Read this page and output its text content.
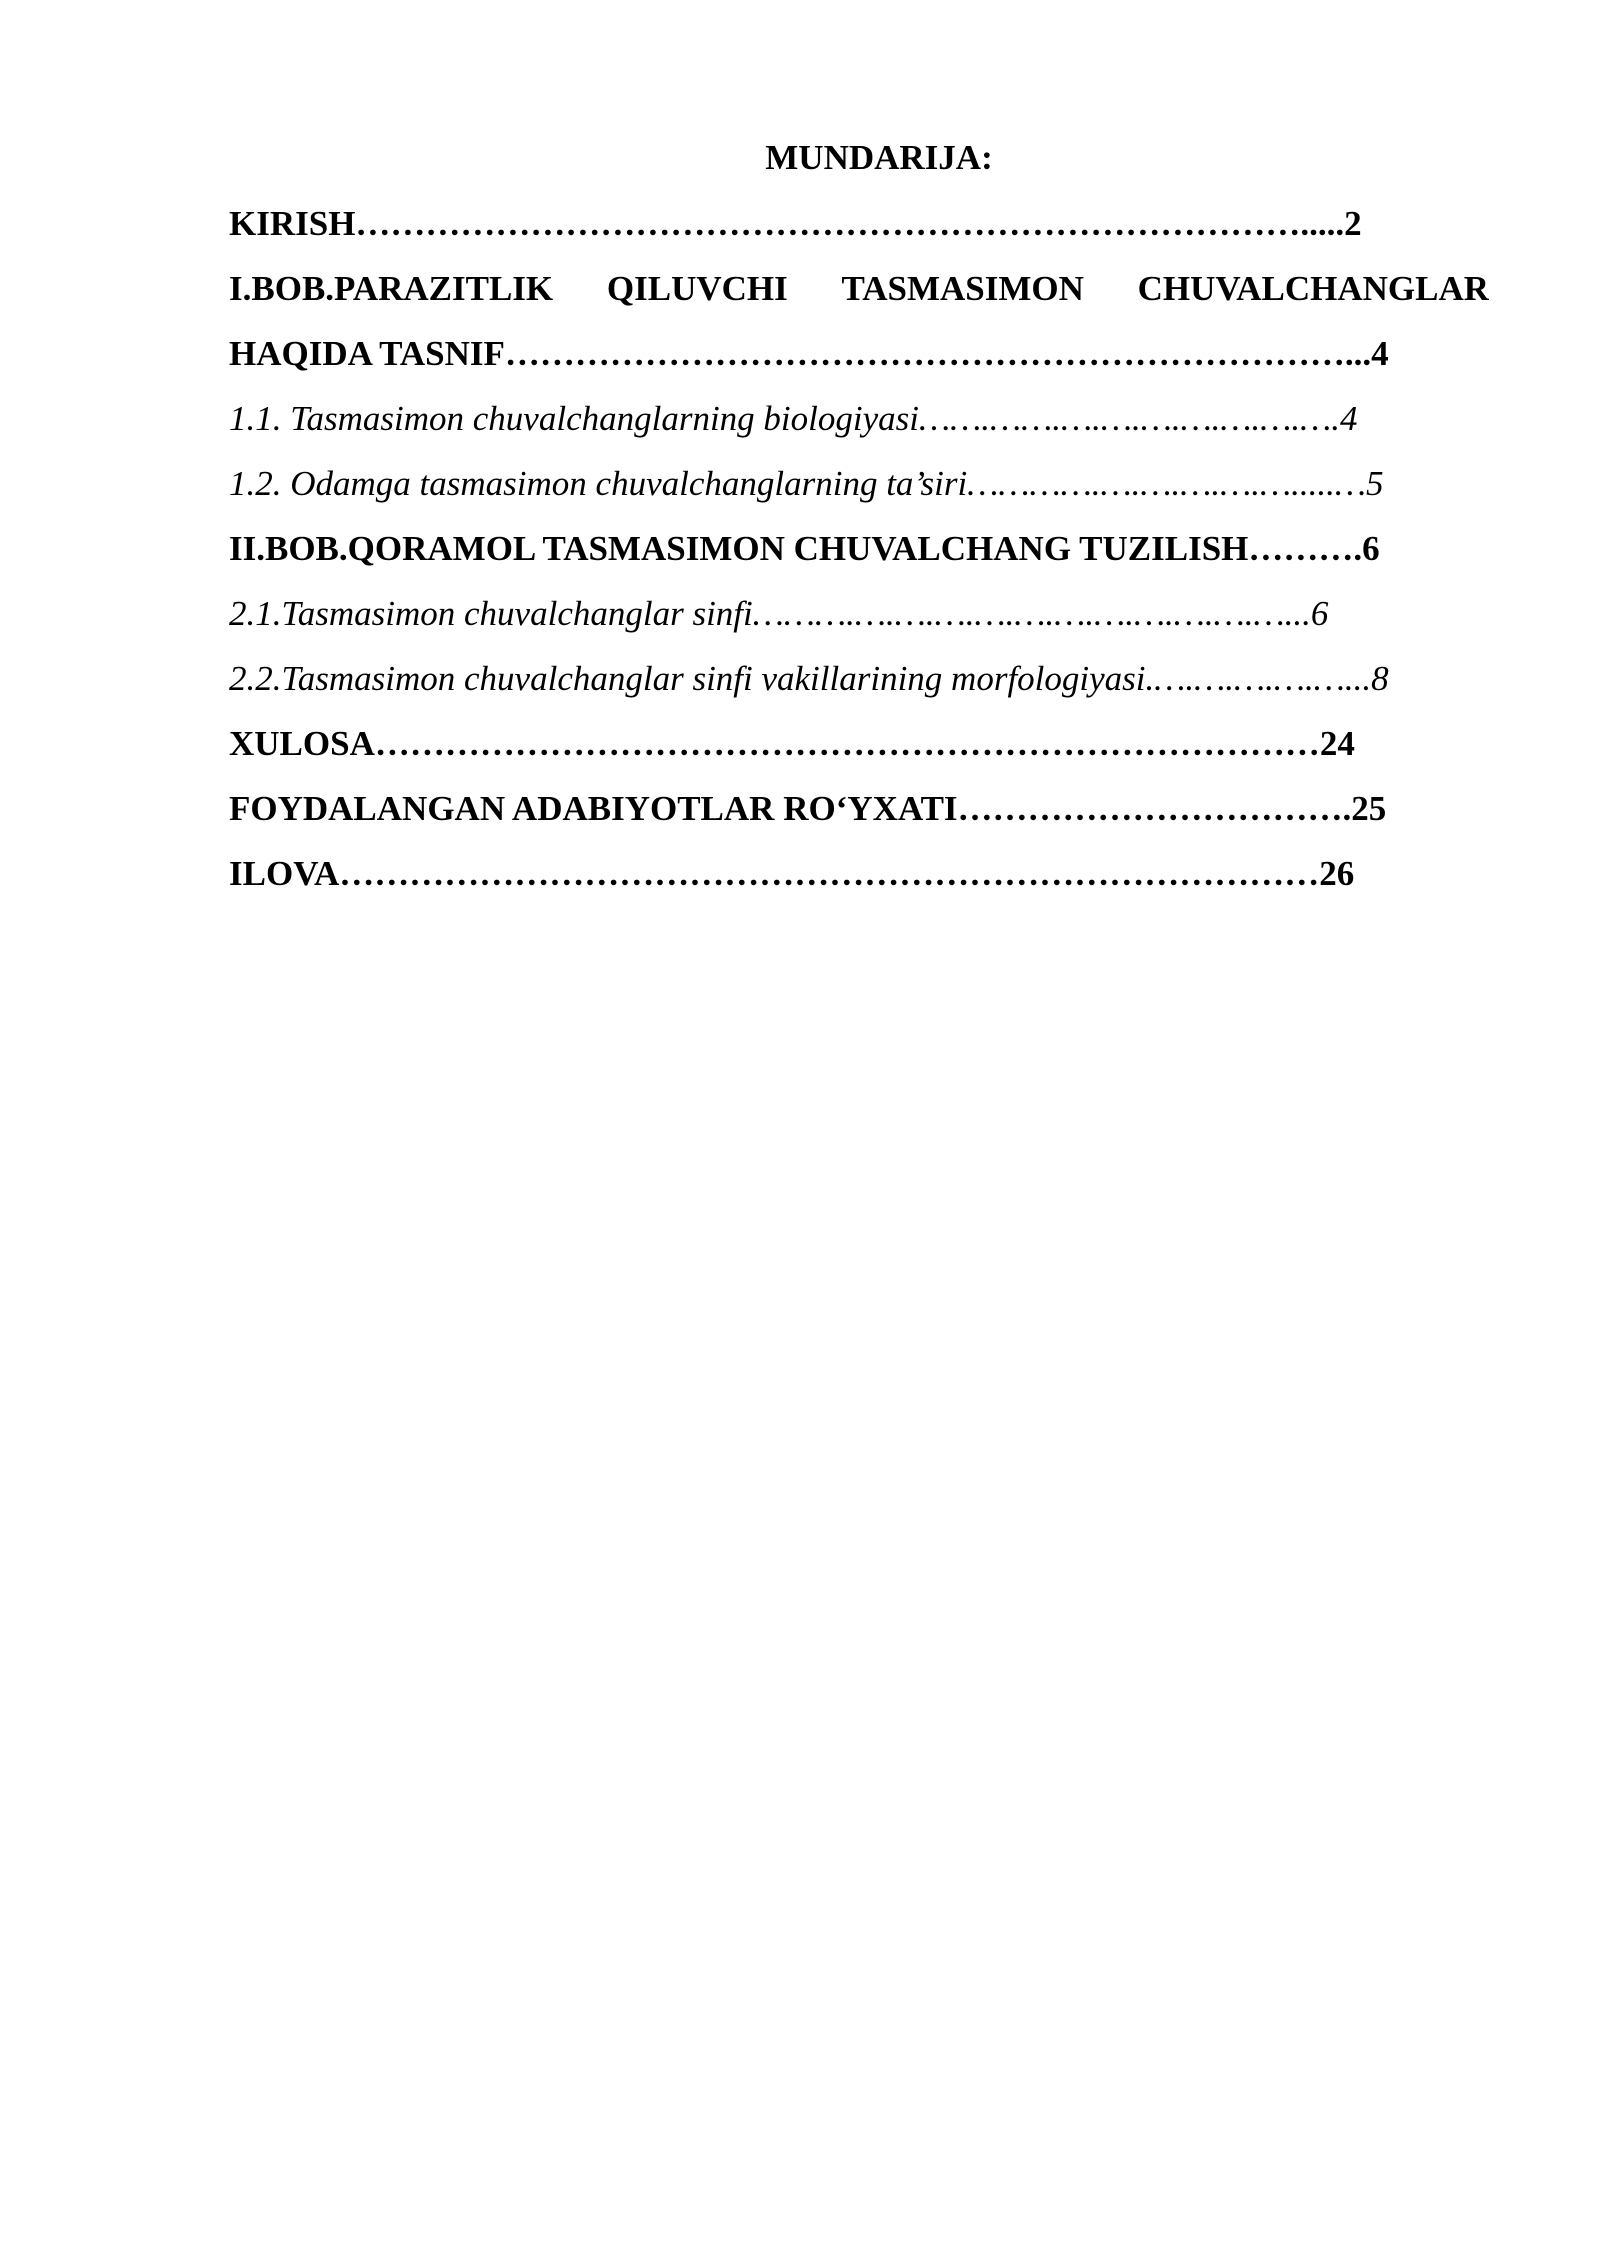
MUNDARIJA:
KIRISH……………………………………………………………………….....2
I.BOB.PARAZITLIK QILUVCHI TASMASIMON CHUVALCHANGLAR
HAQIDA TASNIF………………………………………………………………...4
1.1. Tasmasimon chuvalchanglarning biologiyasi…….…….….….….….….….….4
1.2. Odamga tasmasimon chuvalchanglarning ta’siri………….….….….….….....…5
II.BOB.QORAMOL TASMASIMON CHUVALCHANG TUZILISH……….6
2.1.Tasmasimon chuvalchanglar sinfi……….….….….….….….….….….….…...6
2.2.Tasmasimon chuvalchanglar sinfi vakillarining morfologiyasi.….….….….…...8
XULOSA………………………………………………………………………24
FOYDALANGAN ADABIYOTLAR RO‘YXATI…………………………….25
ILOVA…………………………………………………………………………26
